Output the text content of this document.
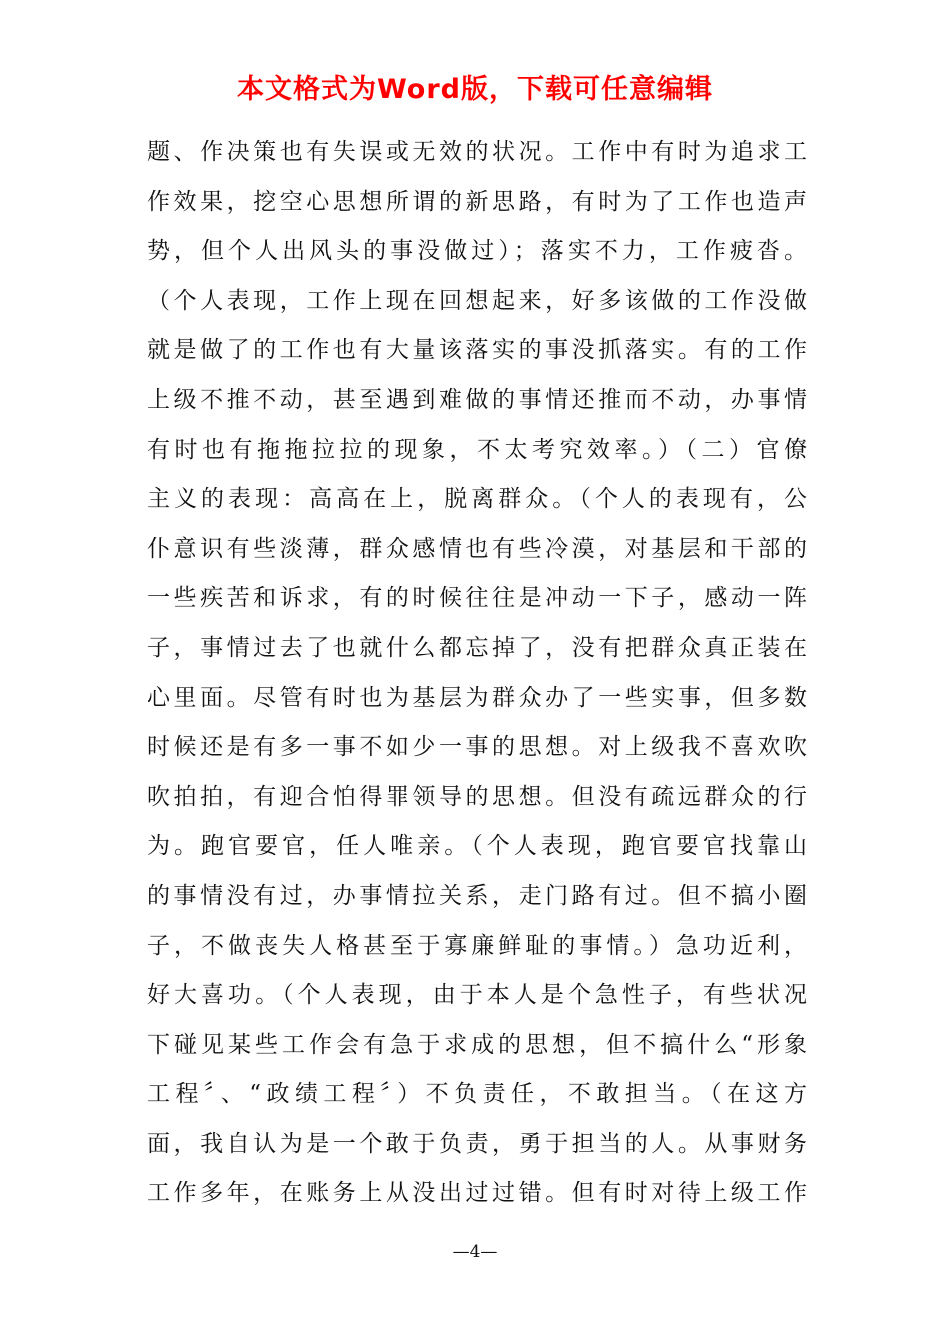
本文格式为Word版，下载可任意编辑
题、作决策也有失误或无效的状况。工作中有时为追求工
作效果，挖空心思想所谓的新思路，有时为了工作也造声
势，但个人出风头的事没做过）；落实不力，工作疲沓。
（个人表现，工作上现在回想起来，好多该做的工作没做
就是做了的工作也有大量该落实的事没抓落实。有的工作
上级不推不动，甚至遇到难做的事情还推而不动，办事情
有时也有拖拖拉拉的现象，不太考究效率。）（二）官僚
主义的表现：高高在上，脱离群众。（个人的表现有，公
仆意识有些淡薄，群众感情也有些冷漠，对基层和干部的
一些疾苦和诉求，有的时候往往是冲动一下子，感动一阵
子，事情过去了也就什么都忘掉了，没有把群众真正装在
心里面。尽管有时也为基层为群众办了一些实事，但多数
时候还是有多一事不如少一事的思想。对上级我不喜欢吹
吹拍拍，有迎合怕得罪领导的思想。但没有疏远群众的行
为。跑官要官，任人唯亲。（个人表现，跑官要官找靠山
的事情没有过，办事情拉关系，走门路有过。但不搞小圈
子，不做丧失人格甚至于寡廉鲜耻的事情。）急功近利，
好大喜功。（个人表现，由于本人是个急性子，有些状况
下碰见某些工作会有急于求成的思想，但不搞什么“形象
工程〞、“政绩工程〞）不负责任，不敢担当。（在这方
面，我自认为是一个敢于负责，勇于担当的人。从事财务
工作多年，在账务上从没出过过错。但有时对待上级工作
—4—
